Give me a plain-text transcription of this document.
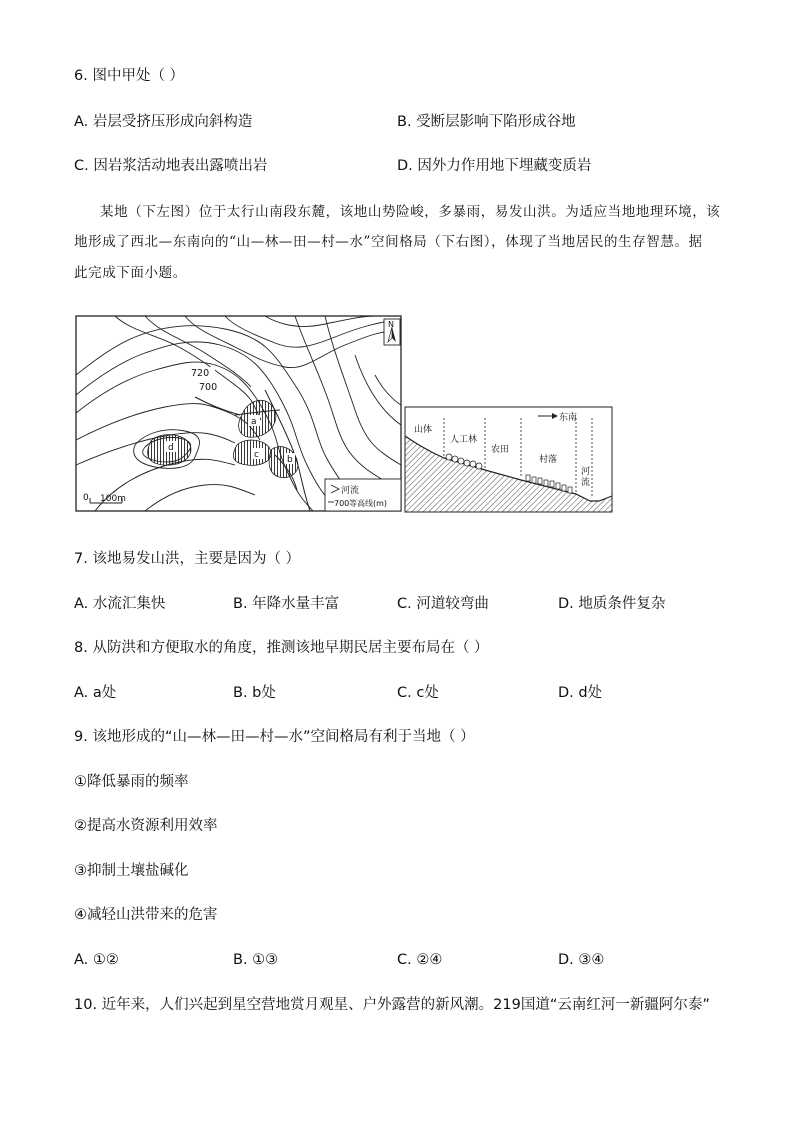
6. 图中甲处（ ）
A. 岩层受挤压形成向斜构造	B. 受断层影响下陷形成谷地
C. 因岩浆活动地表出露喷出岩	D. 因外力作用地下埋藏变质岩
某地（下左图）位于太行山南段东麓，该地山势险峻，多暴雨，易发山洪。为适应当地地理环境，该
地形成了西北—东南向的“山—林—田—村—水”空间格局（下右图），体现了当地居民的生存智慧。据
此完成下面小题。
a
c	b
d
720
700
N
0 100m
河流
700 等高线(m)
东南
山体
人工林
农田
村落
河
流
7. 该地易发山洪，主要是因为（ ）
A. 水流汇集快	B. 年降水量丰富	C. 河道较弯曲	D. 地质条件复杂
8. 从防洪和方便取水的角度，推测该地早期民居主要布局在（ ）
A. a处	B. b处	C. c处	D. d处
9. 该地形成的“山—林—田—村—水”空间格局有利于当地（ ）
①降低暴雨的频率
②提高水资源利用效率
③抑制土壤盐碱化
④减轻山洪带来的危害
A. ①②	B. ①③	C. ②④	D. ③④
10. 近年来，人们兴起到星空营地赏月观星、户外露营的新风潮。219国道“云南红河一新疆阿尔泰”
